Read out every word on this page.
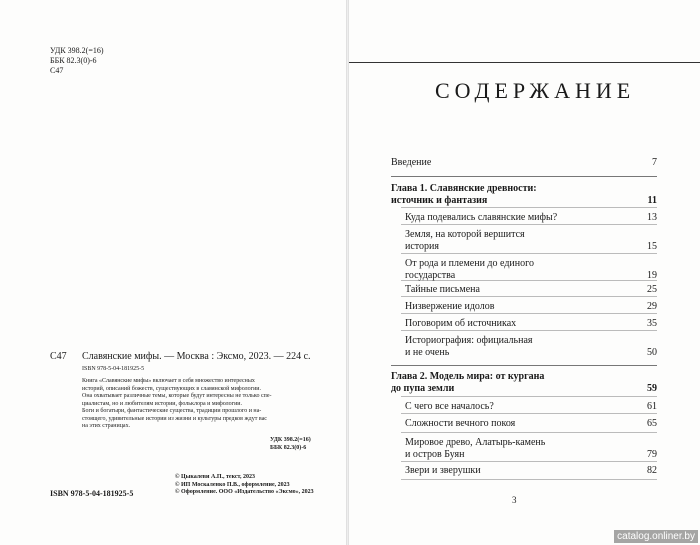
УДК 398.2(=16)
ББК 82.3(0)-6
С47
С47 Славянские мифы. — Москва : Эксмо, 2023. — 224 с.
ISBN 978-5-04-181925-5
Книга «Славянские мифы» включает в себя множество интересных
историй, описаний божеств, существующих в славянской мифологии.
Она охватывает различные темы, которые будут интересны не только спе-
циалистам, но и любителям истории, фольклора и мифологии.
Боги и богатыри, фантастические существа, традиции прошлого и на-
стоящего, удивительные истории из жизни и культуры предков ждут вас
на этих страницах.
УДК 398.2(=16)
ББК 82.3(0)-6
ISBN 978-5-04-181925-5
© Цыкалеви А.П., текст, 2023
© ИП Москаленко П.В., оформление, 2023
© Оформление. ООО «Издательство «Эксмо», 2023
СОДЕРЖАНИЕ
Введение	7
Глава 1. Славянские древности:
источник и фантазия	11
Куда подевались славянские мифы?	13
Земля, на которой вершится
история	15
От рода и племени до единого
государства	19
Тайные письмена	25
Низвержение идолов	29
Поговорим об источниках	35
Историография: официальная
и не очень	50
Глава 2. Модель мира: от кургана
до пупа земли	59
С чего все началось?	61
Сложности вечного покоя	65
Мировое древо, Алатырь-камень
и остров Буян	79
Звери и зверушки	82
3
catalog.onliner.by
